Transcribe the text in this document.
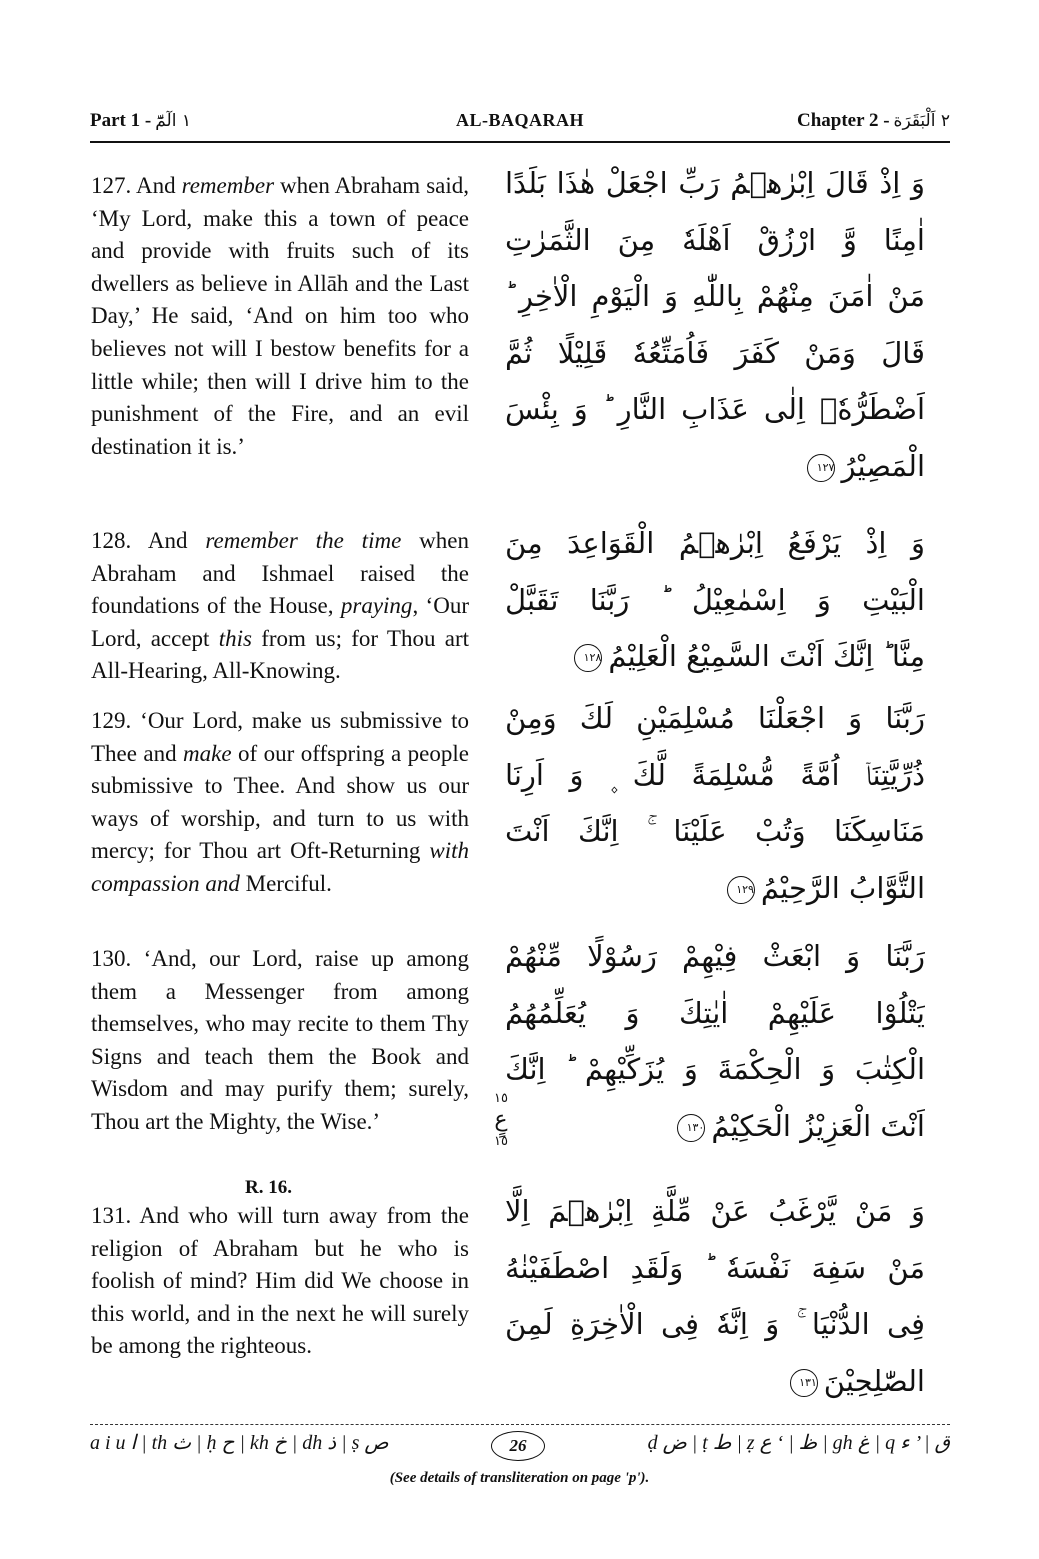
Part 1 - ١ الٓمّٓ	AL-BAQARAH	Chapter 2 - ٢ اَلْبَقَرَة

127. And remember when Abraham said, ‘My Lord, make this a town of peace and provide with fruits such of its dwellers as believe in Allāh and the Last Day,’ He said, ‘And on him too who believes not will I bestow benefits for a little while; then will I drive him to the punishment of the Fire, and an evil destination it is.’

128. And remember the time when Abraham and Ishmael raised the foundations of the House, praying, ‘Our Lord, accept this from us; for Thou art All-Hearing, All-Knowing.

129. ‘Our Lord, make us submissive to Thee and make of our offspring a people submissive to Thee. And show us our ways of worship, and turn to us with mercy; for Thou art Oft-Returning with compassion and Merciful.

130. ‘And, our Lord, raise up among them a Messenger from among themselves, who may recite to them Thy Signs and teach them the Book and Wisdom and may purify them; surely, Thou art the Mighty, the Wise.’

R. 16.

131. And who will turn away from the religion of Abraham but he who is foolish of mind? Him did We choose in this world, and in the next he will surely be among the righteous.

١٥
عٍ
١٥
وَ اِذْ قَالَ اِبْرٰهٖمُ رَبِّ اجْعَلْ هٰذَا بَلَدًا
اٰمِنًا وَّ ارْزُقْ اَهْلَهٗ مِنَ الثَّمَرٰتِ
مَنْ اٰمَنَ مِنْهُمْ بِاللّٰهِ وَ الْيَوْمِ الْاٰخِرِ ؕ
قَالَ وَمَنْ كَفَرَ فَاُمَتِّعُهٗ قَلِيْلًا ثُمَّ
اَضْطَرُّهٗۤ اِلٰى عَذَابِ النَّارِ ؕ وَ بِئْسَ
الْمَصِيْرُ١٢٧
وَ اِذْ يَرْفَعُ اِبْرٰهٖمُ الْقَوَاعِدَ مِنَ
الْبَيْتِ وَ اِسْمٰعِيْلُ ؕ رَبَّنَا تَقَبَّلْ
مِنَّا ؕ اِنَّكَ اَنْتَ السَّمِيْعُ الْعَلِيْمُ١٢٨
رَبَّنَا وَ اجْعَلْنَا مُسْلِمَيْنِ لَكَ وَمِنْ
ذُرِّيَّتِنَاۤ اُمَّةً مُّسْلِمَةً لَّكَ ۪ وَ اَرِنَا
مَنَاسِكَنَا وَتُبْ عَلَيْنَا ۚ اِنَّكَ اَنْتَ
التَّوَّابُ الرَّحِيْمُ١٢٩
رَبَّنَا وَ ابْعَثْ فِيْهِمْ رَسُوْلًا مِّنْهُمْ
يَتْلُوْا عَلَيْهِمْ اٰيٰتِكَ وَ يُعَلِّمُهُمُ
الْكِتٰبَ وَ الْحِكْمَةَ وَ يُزَكِّيْهِمْ ؕ اِنَّكَ
اَنْتَ الْعَزِيْزُ الْحَكِيْمُ١٣٠
وَ مَنْ يَّرْغَبُ عَنْ مِّلَّةِ اِبْرٰهٖمَ اِلَّا
مَنْ سَفِهَ نَفْسَهٗ ؕ وَلَقَدِ اصْطَفَيْنٰهُ
فِى الدُّنْيَا ۚ وَ اِنَّهٗ فِى الْاٰخِرَةِ لَمِنَ
الصّٰلِحِيْنَ١٣١
a i u ا | th ث | ḥ ح | kh خ | dh ذ | ṣ ص	ḍ ض | ṭ ط | ẓ ظ | ‘ ع | gh غ | q ق | ’ ء
26
(See details of transliteration on page 'p').
